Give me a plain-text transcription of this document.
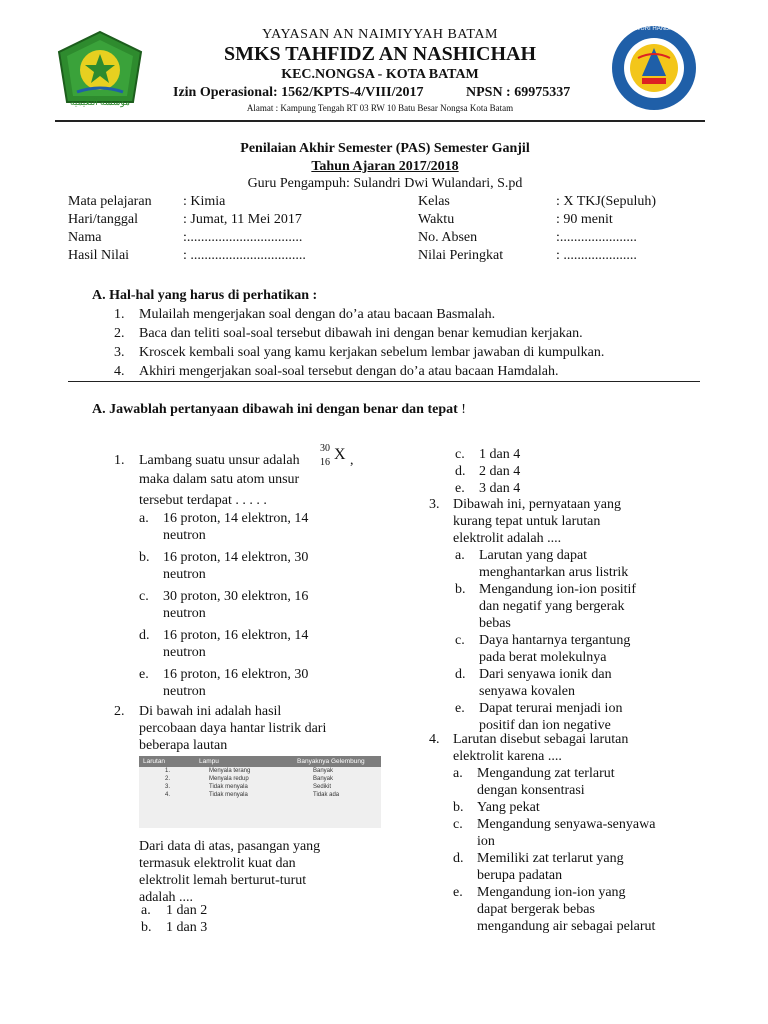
مؤسسة النعيمية
TUT WURI HANDAYANI
YAYASAN AN NAIMIYYAH BATAM
SMKS TAHFIDZ AN NASHICHAH
KEC.NONGSA - KOTA BATAM
Izin Operasional: 1562/KPTS-4/VIII/2017	NPSN : 69975337
Alamat : Kampung Tengah RT 03 RW 10 Batu Besar Nongsa Kota Batam
Penilaian Akhir Semester (PAS) Semester Ganjil
Tahun Ajaran 2017/2018
Guru Pengampuh: Sulandri Dwi Wulandari, S.pd
Mata pelajaran : Kimia	Kelas	: X TKJ(Sepuluh)
Hari/tanggal	: Jumat, 11 Mei 2017	Waktu	: 90 menit
Nama	:.................................	No. Absen	:......................
Hasil Nilai	: .................................	Nilai Peringkat	: .....................
A. Hal-hal yang harus di perhatikan :
1. Mulailah mengerjakan soal dengan do’a atau bacaan Basmalah.
2. Baca dan teliti soal-soal tersebut dibawah ini dengan benar kemudian kerjakan.
3. Kroscek kembali soal yang kamu kerjakan sebelum lembar jawaban di kumpulkan.
4. Akhiri mengerjakan soal-soal tersebut dengan do’a atau bacaan Hamdalah.
A. Jawablah pertanyaan dibawah ini dengan benar dan tepat !
1. Lambang suatu unsur adalah
30
16 X ,
maka dalam satu atom unsur
tersebut terdapat . . . . .
a. 16 proton, 14 elektron, 14
neutron
b. 16 proton, 14 elektron, 30
neutron
c. 30 proton, 30 elektron, 16
neutron
d. 16 proton, 16 elektron, 14
neutron
e. 16 proton, 16 elektron, 30
neutron
2. Di bawah ini adalah hasil
percobaan daya hantar listrik dari
beberapa lautan
Larutan	Lampu	Banyaknya Gelembung
1.	Menyala terang	Banyak
2.	Menyala redup	Banyak
3.	Tidak menyala	Sedikit
4.	Tidak menyala	Tidak ada
Dari data di atas, pasangan yang
termasuk elektrolit kuat dan
elektrolit lemah berturut-turut
adalah ....
a. 1 dan 2
b. 1 dan 3
c. 1 dan 4
d. 2 dan 4
e. 3 dan 4
3. Dibawah ini, pernyataan yang
kurang tepat untuk larutan
elektrolit adalah ....
a.	Larutan yang dapat
menghantarkan arus listrik
b. Mengandung ion-ion positif
dan negatif yang bergerak
bebas
c.	Daya hantarnya tergantung
pada berat molekulnya
d. Dari senyawa ionik dan
senyawa kovalen
e.	Dapat terurai menjadi ion
positif dan ion negative
4. Larutan disebut sebagai larutan
elektrolit karena ....
a.	Mengandung zat terlarut
dengan konsentrasi
b. Yang pekat
c.	Mengandung senyawa-senyawa
ion
d. Memiliki zat terlarut yang
berupa padatan
e.	Mengandung ion-ion yang
dapat bergerak bebas
mengandung air sebagai pelarut
